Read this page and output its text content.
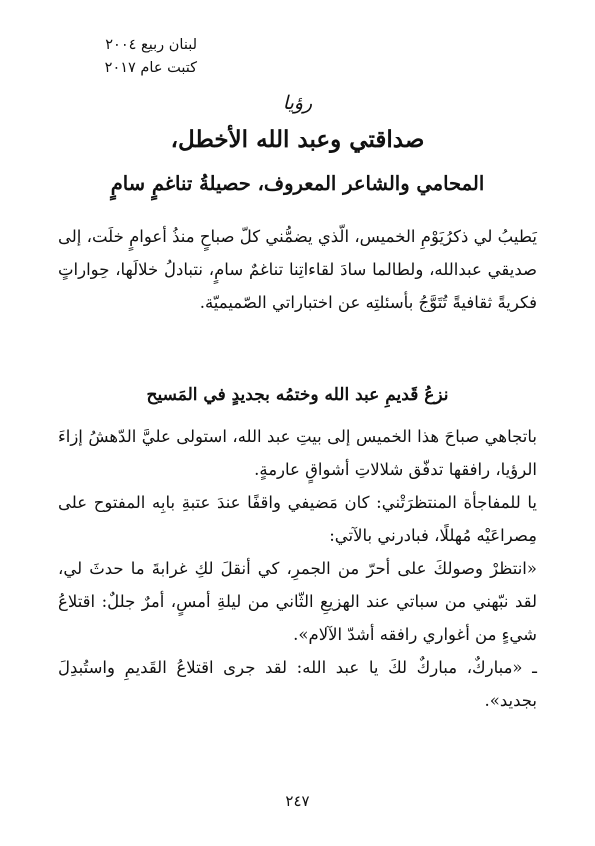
لبنان ربيع ٢٠٠٤
كتبت عام ٢٠١٧
رؤيا
صداقتي وعبد الله الأخطل،
المحامي والشاعر المعروف، حصيلةُ تناغمٍ سامٍ

يَطيبُ لي ذكرُيَوْمِ الخميس، الّذي يضمُّني كلّ صباحٍ منذُ أعوامٍ خلَت، إلى صديقي عبدالله، ولطالما سادَ لقاءاتِنا تناغمٌ سامٍ، نتبادلُ خلالَها، حِواراتٍ فكريةً ثقافيةً تُتَوَّجُ بأسئلتِه عن اختباراتي الصّميميّة.

نزعُ قَديمِ عبد الله وختمُه بجديدٍ في المَسيح

باتجاهي صباحَ هذا الخميس إلى بيتِ عبد الله، استولى عليَّ الدّهشُ إزاءَ الرؤيا، رافقها تدفّق شلالاتِ أشواقٍ عارمةٍ.

يا للمفاجأة المنتظرَتْني: كان مَضيفي واقفًا عندَ عتبةِ بابِه المفتوح على مِصراعَيْه مُهللًا، فبادرني بالآتي:

«انتظرْ وصولكَ على أحرّ من الجمرِ، كي أنقلَ لكِ غرابةَ ما حدثَ لي، لقد نبّهني من سباتي عند الهزيعِ الثّاني من ليلةِ أمسٍ، أمرٌ جللٌ: اقتلاعُ شيءٍ من أغواري رافقه أشدّ الآلام».

ـ «مباركٌ، مباركٌ لكَ يا عبد الله: لقد جرى اقتلاعُ القَديمِ واستُبدِلَ بجديد».

٢٤٧
